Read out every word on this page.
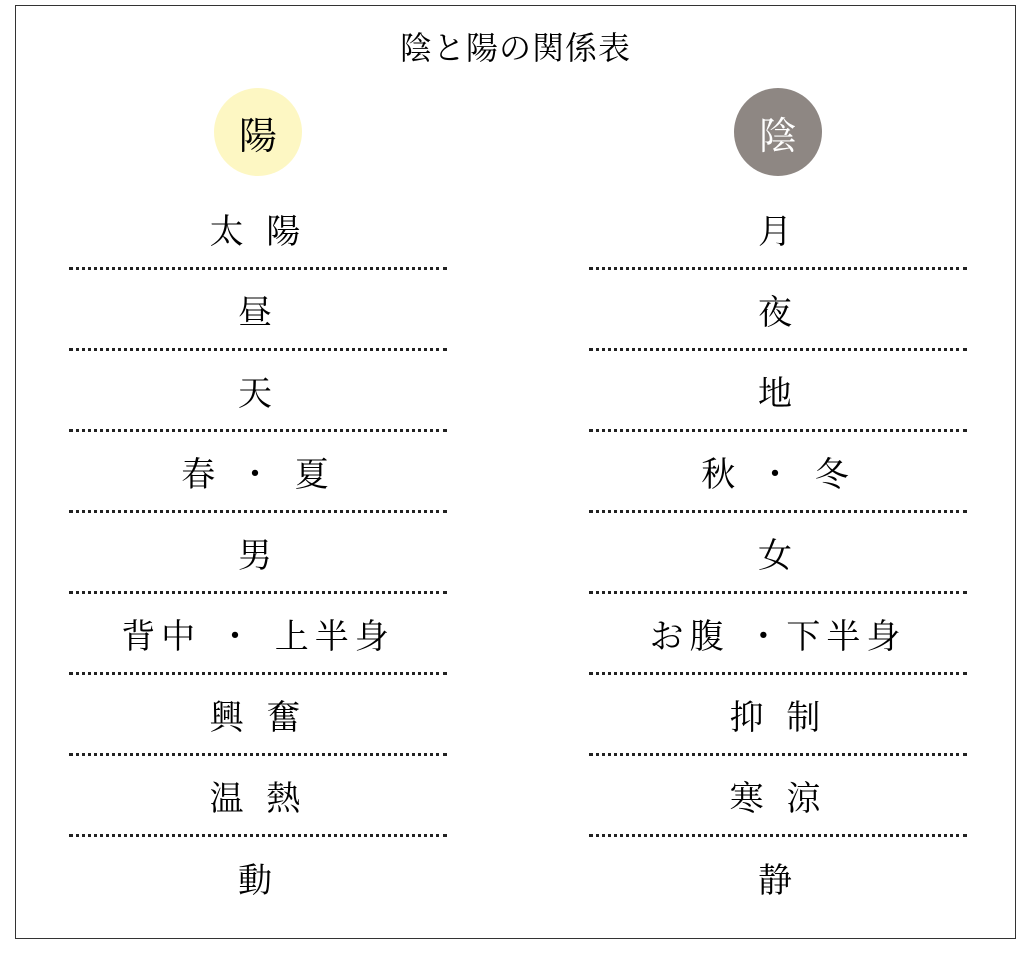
陰と陽の関係表
陽
太 陽
昼
天
春 ・ 夏
男
背中 ・ 上半身
興 奮
温 熱
動
陰
月
夜
地
秋 ・ 冬
女
お腹 ・下半身
抑 制
寒 涼
静
